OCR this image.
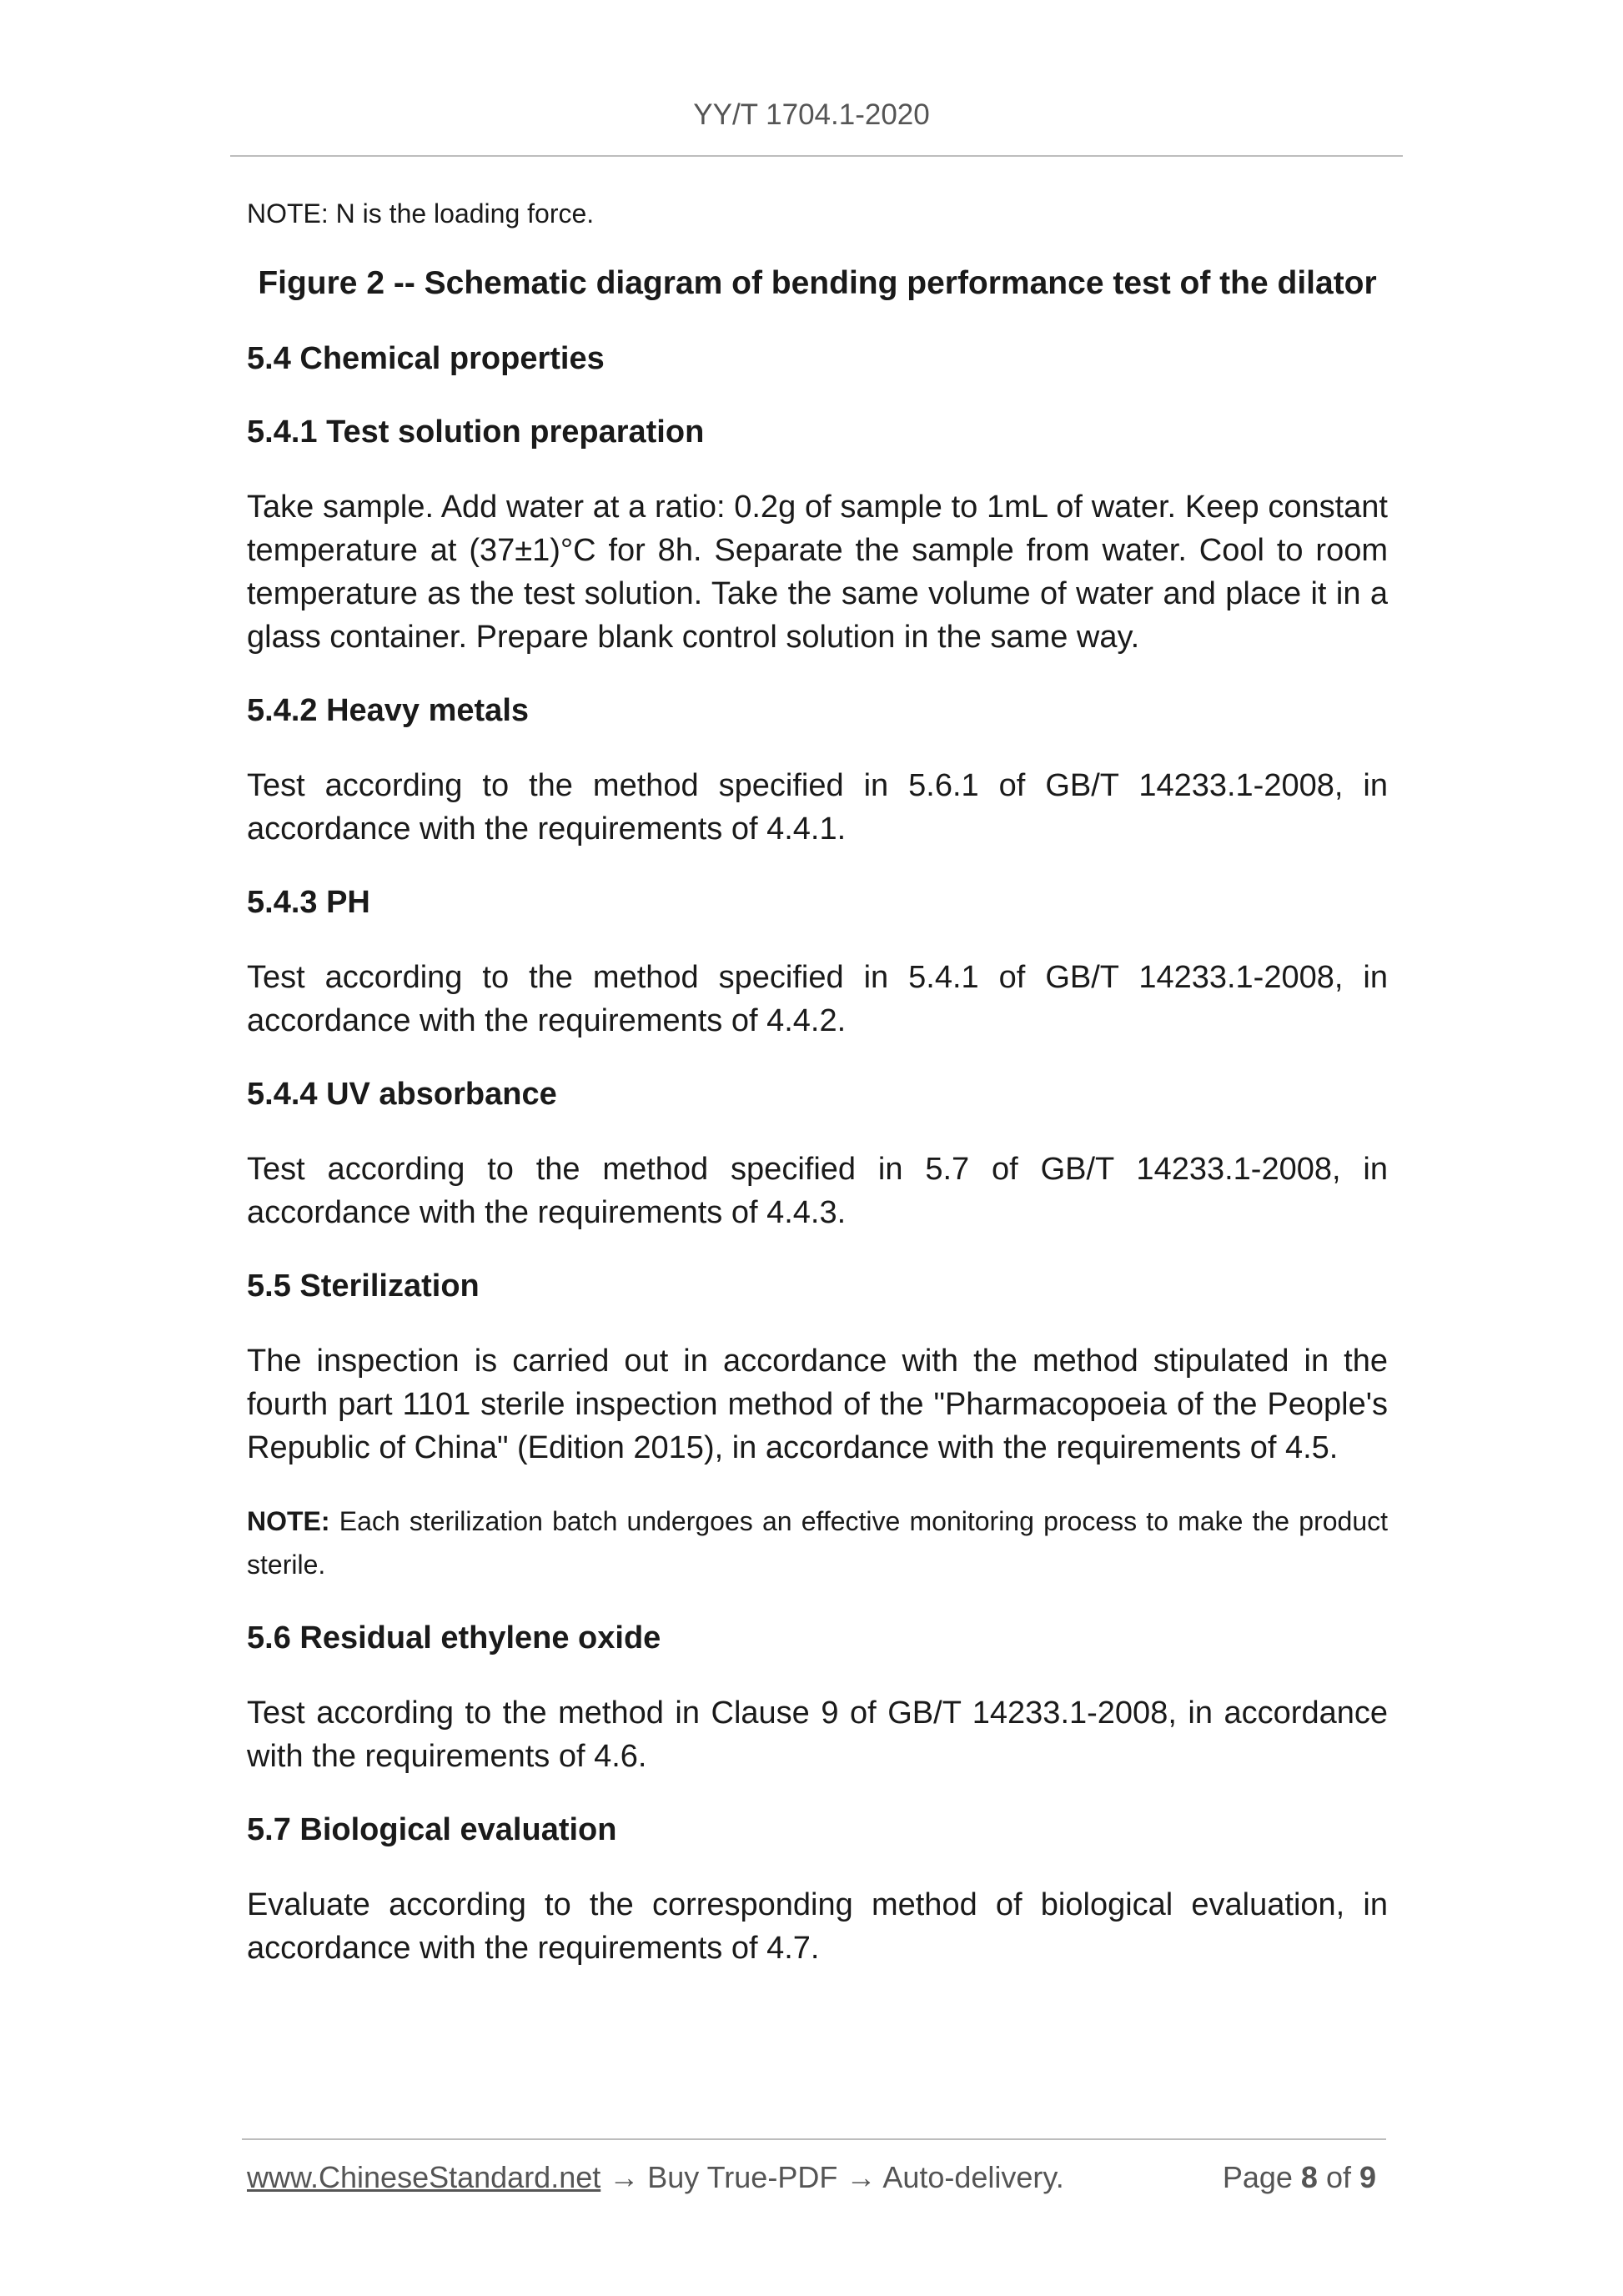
YY/T 1704.1-2020

NOTE: N is the loading force.

Figure 2 -- Schematic diagram of bending performance test of the dilator

5.4 Chemical properties
5.4.1 Test solution preparation

Take sample. Add water at a ratio: 0.2g of sample to 1mL of water. Keep constant temperature at (37±1)°C for 8h. Separate the sample from water. Cool to room temperature as the test solution. Take the same volume of water and place it in a glass container. Prepare blank control solution in the same way.

5.4.2 Heavy metals

Test according to the method specified in 5.6.1 of GB/T 14233.1-2008, in accordance with the requirements of 4.4.1.

5.4.3 PH

Test according to the method specified in 5.4.1 of GB/T 14233.1-2008, in accordance with the requirements of 4.4.2.

5.4.4 UV absorbance

Test according to the method specified in 5.7 of GB/T 14233.1-2008, in accordance with the requirements of 4.4.3.

5.5 Sterilization

The inspection is carried out in accordance with the method stipulated in the fourth part 1101 sterile inspection method of the "Pharmacopoeia of the People's Republic of China" (Edition 2015), in accordance with the requirements of 4.5.

NOTE: Each sterilization batch undergoes an effective monitoring process to make the product sterile.

5.6 Residual ethylene oxide

Test according to the method in Clause 9 of GB/T 14233.1-2008, in accordance with the requirements of 4.6.

5.7 Biological evaluation

Evaluate according to the corresponding method of biological evaluation, in accordance with the requirements of 4.7.

www.ChineseStandard.net → Buy True-PDF → Auto-delivery.	Page 8 of 9
